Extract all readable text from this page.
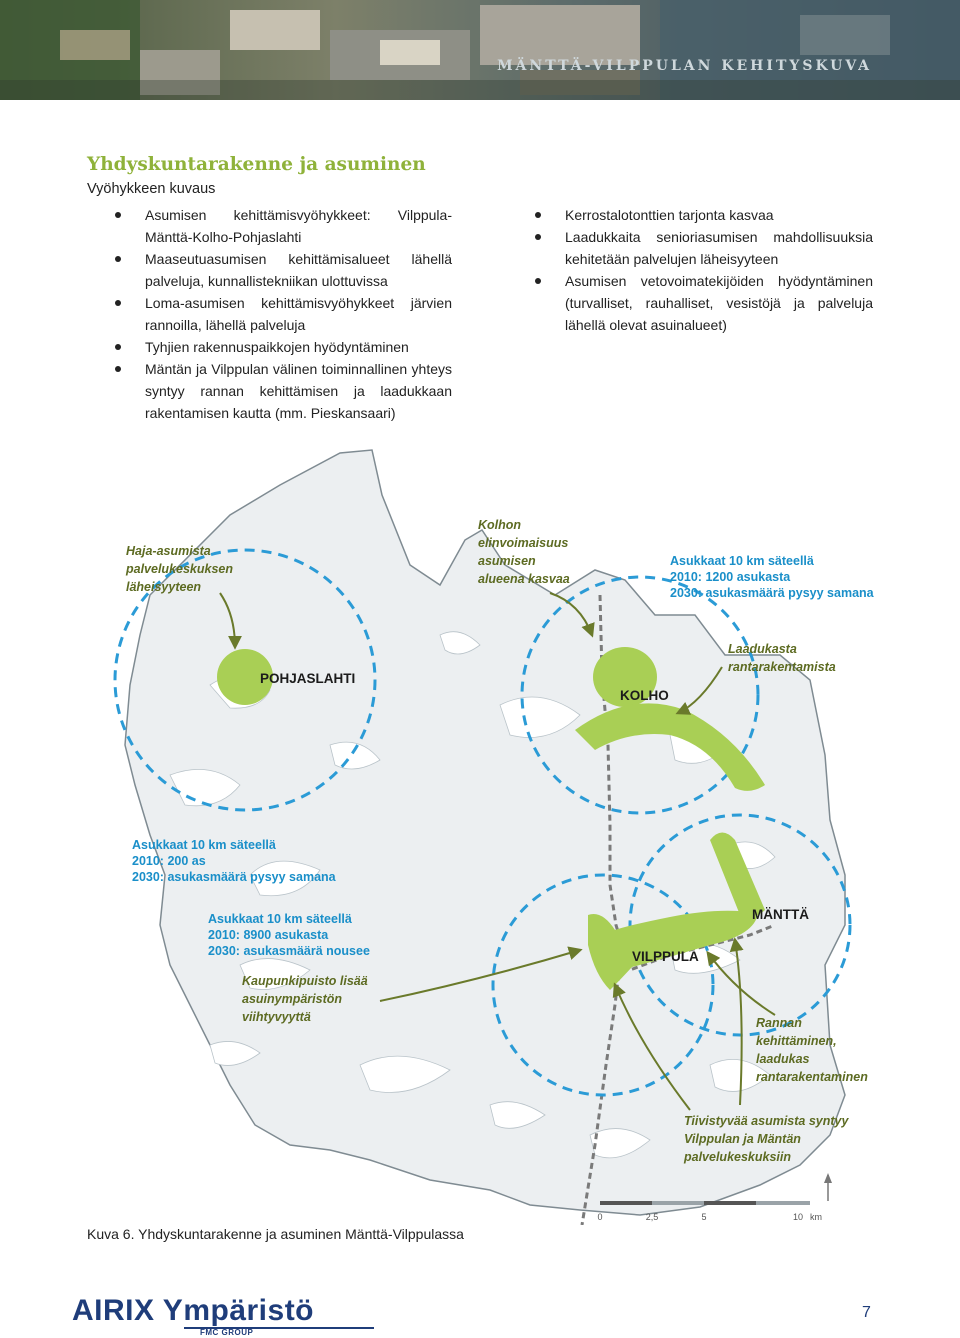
MÄNTTÄ-VILPPULAN KEHITYSKUVA
Yhdyskuntarakenne ja asuminen
Vyöhykkeen kuvaus
Asumisen kehittämisvyöhykkeet: Vilppula-Mänttä-Kolho-Pohjaslahti
Maaseutuasumisen kehittämisalueet lähellä palveluja, kunnallistekniikan ulottuvissa
Loma-asumisen kehittämisvyöhykkeet järvien rannoilla, lähellä palveluja
Tyhjien rakennuspaikkojen hyödyntäminen
Mäntän ja Vilppulan välinen toiminnallinen yhteys syntyy rannan kehittämisen ja laadukkaan rakentamisen kautta (mm. Pieskansaari)
Kerrostalotonttien tarjonta kasvaa
Laadukkaita senioriasumisen mahdollisuuksia kehitetään palvelujen läheisyyteen
Asumisen vetovoimatekijöiden hyödyntäminen (turvalliset, rauhalliset, vesistöjä ja palveluja lähellä olevat asuinalueet)
0	2,5	5	10 km
POHJASLAHTI
KOLHO
MÄNTTÄ
VILPPULA
Haja-asumista palvelukeskuksen läheisyyteen
Kolhon elinvoimaisuus asumisen alueena kasvaa
Laadukasta rantarakentamista
Kaupunkipuisto lisää asuinympäristön viihtyvyyttä	Rannan kehittäminen, laadukas rantarakentaminen
Tiivistyvää asumista syntyy Vilppulan ja Mäntän palvelukeskuksiin
Asukkaat 10 km säteellä 2010: 1200 asukasta 2030: asukasmäärä pysyy samana
Asukkaat 10 km säteellä 2010: 200 as 2030: asukasmäärä pysyy samana
Asukkaat 10 km säteellä 2010: 8900 asukasta 2030: asukasmäärä nousee
Kuva 6. Yhdyskuntarakenne ja asuminen Mänttä-Vilppulassa
AIRIX Ympäristö
FMC GROUP
7
